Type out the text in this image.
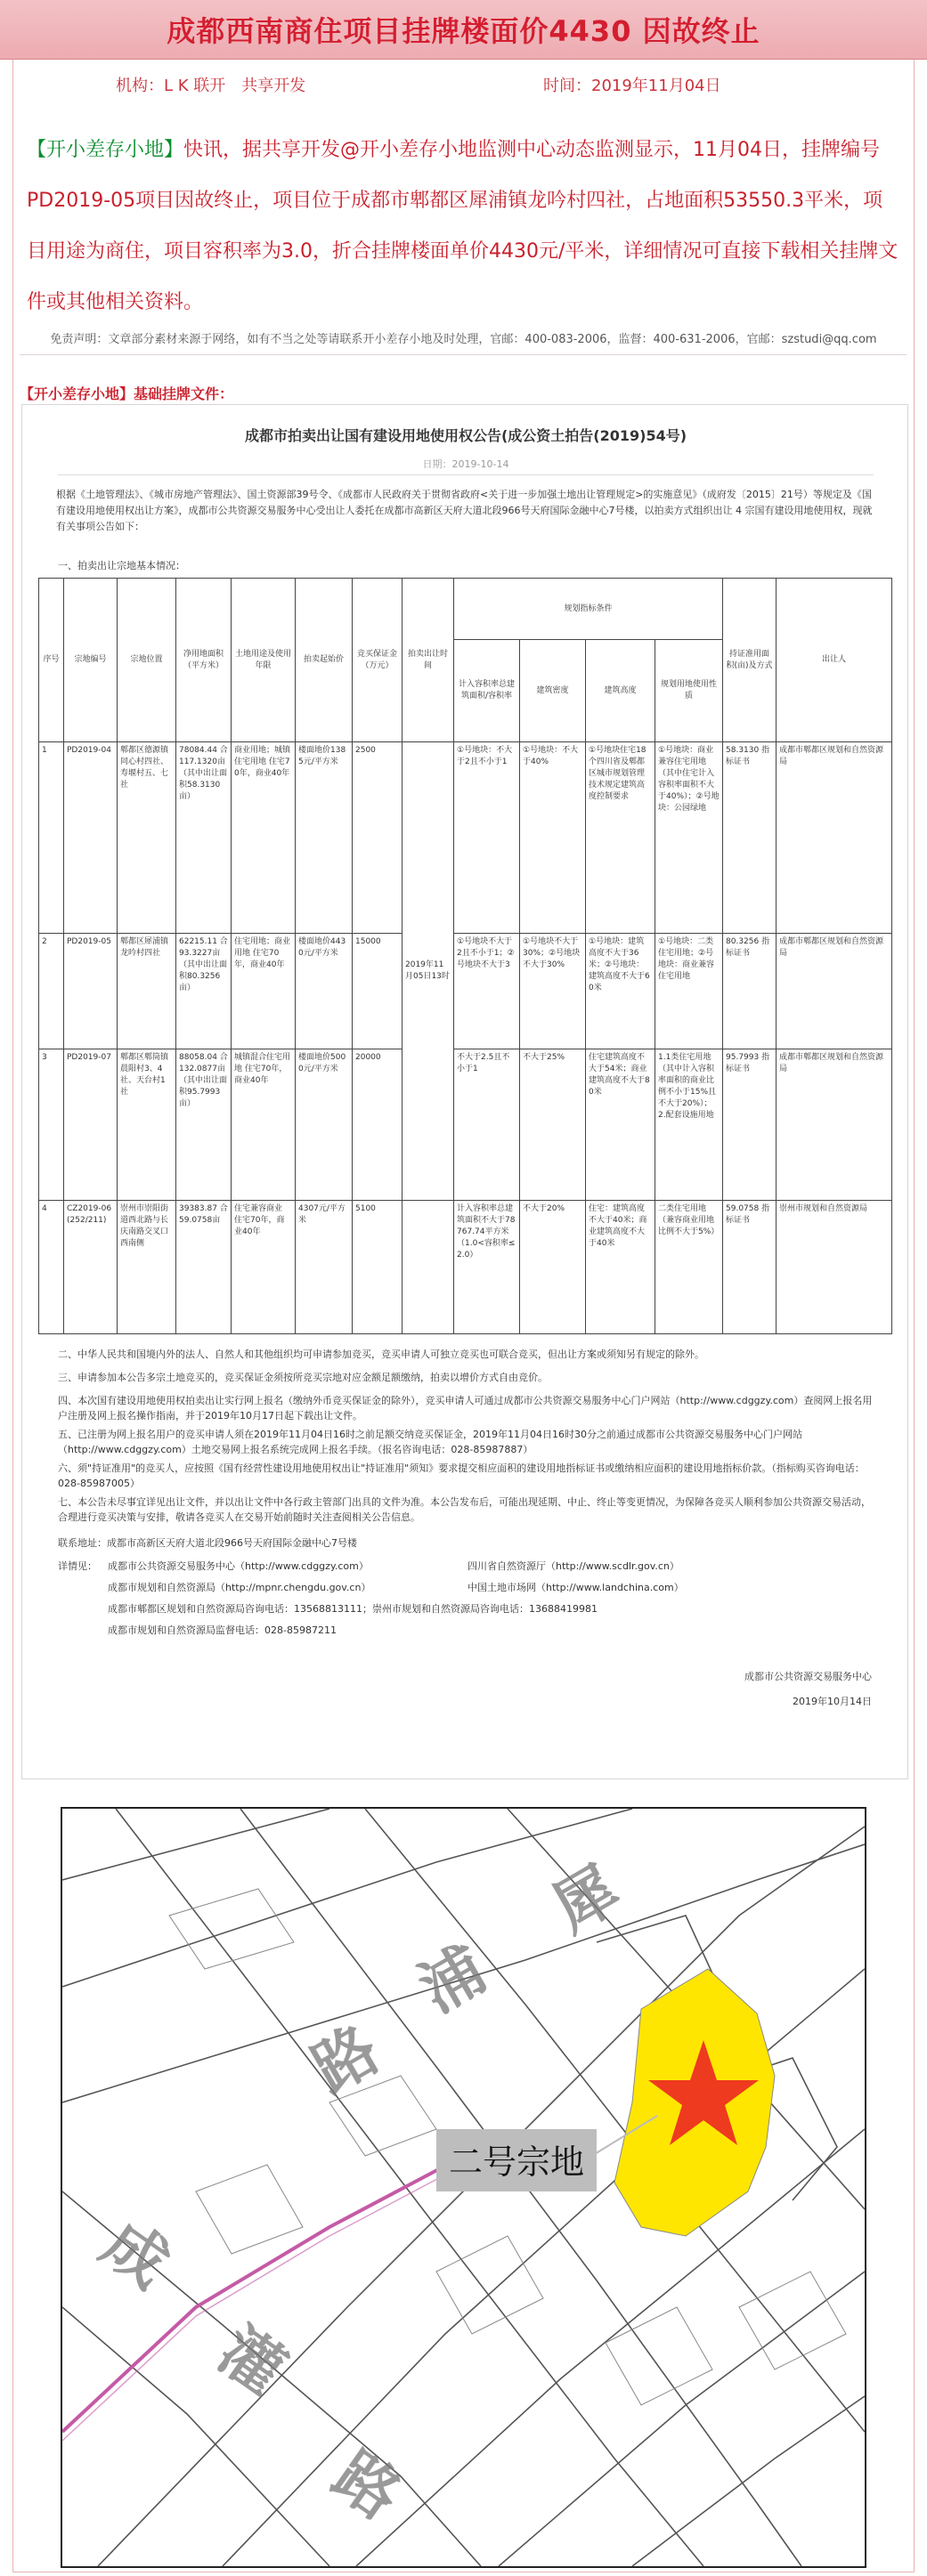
成都西南商住项目挂牌楼面价4430 因故终止
机构：L K 联开　共享开发	时间：2019年11月04日
【开小差存小地】快讯，据共享开发@开小差存小地监测中心动态监测显示，11月04日，挂牌编号PD2019-05项目因故终止，项目位于成都市郫都区犀浦镇龙吟村四社，占地面积53550.3平米，项目用途为商住，项目容积率为3.0，折合挂牌楼面单价4430元/平米，详细情况可直接下载相关挂牌文件或其他相关资料。
免责声明：文章部分素材来源于网络，如有不当之处等请联系开小差存小地及时处理，官邮：400-083-2006，监督：400-631-2006，官邮：szstudi@qq.com
【开小差存小地】基础挂牌文件：
成都市拍卖出让国有建设用地使用权公告(成公资土拍告(2019)54号)
日期：2019-10-14
根据《土地管理法》、《城市房地产管理法》、国土资源部39号令、《成都市人民政府关于贯彻省政府<关于进一步加强土地出让管理规定>的实施意见》（成府发〔2015〕21号）等规定及《国有建设用地使用权出让方案》，成都市公共资源交易服务中心受出让人委托在成都市高新区天府大道北段966号天府国际金融中心7号楼，以拍卖方式组织出让 4 宗国有建设用地使用权，现就有关事项公告如下：
一、拍卖出让宗地基本情况：
序号	宗地编号	宗地位置	净用地面积（平方米）	土地用途及使用年限	拍卖起始价	竞买保证金（万元）	拍卖出让时间	规划指标条件				持证准用面积(亩)及方式	出让人
								计入容积率总建筑面积/容积率	建筑密度	建筑高度	规划用地使用性质		
1	PD2019-04	郫都区德源镇同心村四社、寿堰村五、七社	78084.44 合117.1320亩（其中出让面积58.3130亩）	商业用地；城镇住宅用地 住宅70年，商业40年	楼面地价1385元/平方米	2500	2019年11月05日13时	①号地块：不大于2且不小于1	①号地块：不大于40%	①号地块住宅18个四川省及郫都区城市规划管理技术规定建筑高度控制要求	①号地块：商业兼容住宅用地（其中住宅计入容积率面积不大于40%）；②号地块：公园绿地	58.3130 指标证书	成都市郫都区规划和自然资源局
2	PD2019-05	郫都区犀浦镇龙吟村四社	62215.11 合93.3227亩（其中出让面积80.3256亩）	住宅用地；商业用地 住宅70年，商业40年	楼面地价4430元/平方米	15000		①号地块不大于2且不小于1；②号地块不大于3	①号地块不大于30%；②号地块不大于30%	①号地块：建筑高度不大于36米；②号地块：建筑高度不大于60米	①号地块：二类住宅用地；②号地块：商业兼容住宅用地	80.3256 指标证书	成都市郫都区规划和自然资源局
3	PD2019-07	郫都区郫筒镇晨阳村3、4社、天台村1社	88058.04 合132.0877亩（其中出让面积95.7993亩）	城镇混合住宅用地 住宅70年，商业40年	楼面地价5000元/平方米	20000		不大于2.5且不小于1	不大于25%	住宅建筑高度不大于54米；商业建筑高度不大于80米	1.1类住宅用地（其中计入容积率面积的商业比例不小于15%且不大于20%）；2.配套设施用地	95.7993 指标证书	成都市郫都区规划和自然资源局
4	CZ2019-06(252/211)	崇州市崇阳街道西北路与长庆南路交叉口西南侧	39383.87 合59.0758亩	住宅兼容商业 住宅70年，商业40年	4307元/平方米	5100		计入容积率总建筑面积不大于78767.74平方米（1.0<容积率≤2.0）	不大于20%	住宅：建筑高度不大于40米；商业建筑高度不大于40米	二类住宅用地（兼容商业用地比例不大于5%）	59.0758 指标证书	崇州市规划和自然资源局
二、中华人民共和国境内外的法人、自然人和其他组织均可申请参加竞买，竞买申请人可独立竞买也可联合竞买，但出让方案或须知另有规定的除外。
三、申请参加本公告多宗土地竞买的，竞买保证金须按所竞买宗地对应金额足额缴纳，拍卖以增价方式自由竞价。
四、本次国有建设用地使用权拍卖出让实行网上报名（缴纳外币竞买保证金的除外），竞买申请人可通过成都市公共资源交易服务中心门户网站（http://www.cdggzy.com）查阅网上报名用户注册及网上报名操作指南，并于2019年10月17日起下载出让文件。
五、已注册为网上报名用户的竞买申请人须在2019年11月04日16时之前足额交纳竞买保证金，2019年11月04日16时30分之前通过成都市公共资源交易服务中心门户网站（http://www.cdggzy.com）土地交易网上报名系统完成网上报名手续。（报名咨询电话：028-85987887）
六、须"持证准用"的竞买人，应按照《国有经营性建设用地使用权出让"持证准用"须知》要求提交相应面积的建设用地指标证书或缴纳相应面积的建设用地指标价款。（指标购买咨询电话：028-85987005）
七、本公告未尽事宜详见出让文件，并以出让文件中各行政主管部门出具的文件为准。本公告发布后，可能出现延期、中止、终止等变更情况，为保障各竞买人顺利参加公共资源交易活动，合理进行竞买决策与安排，敬请各竞买人在交易开始前随时关注查阅相关公告信息。
联系地址：成都市高新区天府大道北段966号天府国际金融中心7号楼
详情见： 成都市公共资源交易服务中心（http://www.cdggzy.com）	四川省自然资源厅（http://www.scdlr.gov.cn）
成都市规划和自然资源局（http://mpnr.chengdu.gov.cn）	中国土地市场网（http://www.landchina.com）
成都市郫都区规划和自然资源局咨询电话：13568813111；崇州市规划和自然资源局咨询电话：13688419981
成都市规划和自然资源局监督电话：028-85987211
成都市公共资源交易服务中心
2019年10月14日
二号宗地
犀
浦
路
成
灌
路
